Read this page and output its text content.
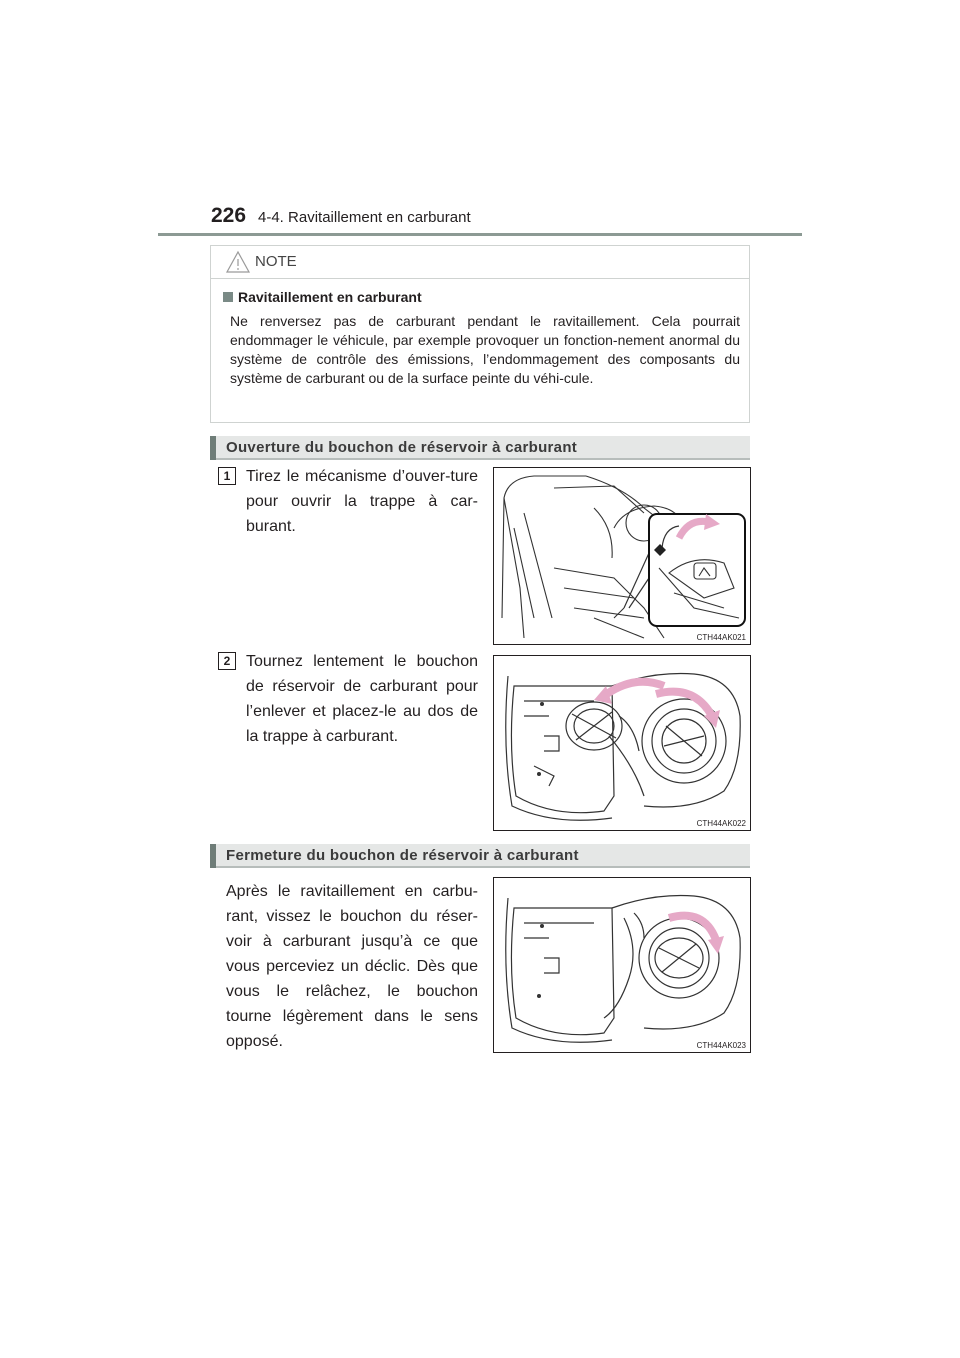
226 4-4. Ravitaillement en carburant
NOTE
Ravitaillement en carburant
Ne renversez pas de carburant pendant le ravitaillement. Cela pourrait endommager le véhicule, par exemple provoquer un fonction-nement anormal du système de contrôle des émissions, l’endommagement des composants du système de carburant ou de la surface peinte du véhi-cule.
Ouverture du bouchon de réservoir à carburant
1 Tirez le mécanisme d’ouver-ture pour ouvrir la trappe à car-burant.
CTH44AK021
2 Tournez lentement le bouchon de réservoir de carburant pour l’enlever et placez-le au dos de la trappe à carburant.
CTH44AK022
Fermeture du bouchon de réservoir à carburant
Après le ravitaillement en carbu-rant, vissez le bouchon du réser-voir à carburant jusqu’à ce que vous perceviez un déclic. Dès que vous le relâchez, le bouchon tourne légèrement dans le sens opposé.	CTH44AK023
